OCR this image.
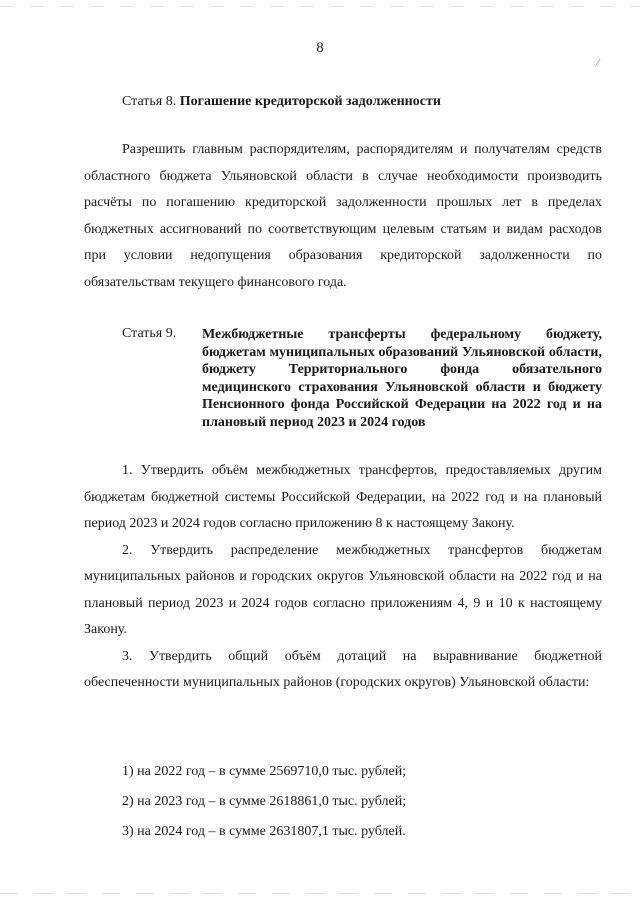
8
⁄
Статья 8. Погашение кредиторской задолженности

Разрешить главным распорядителям, распорядителям и получателям средств областного бюджета Ульяновской области в случае необходимости производить расчёты по погашению кредиторской задолженности прошлых лет в пределах бюджетных ассигнований по соответствующим целевым статьям и видам расходов при условии недопущения образования кредиторской задолженности по обязательствам текущего финансового года.

Статья 9.	Межбюджетные трансферты федеральному бюджету, бюджетам муниципальных образований Ульяновской области, бюджету Территориального фонда обязательного медицинского страхования Ульяновской области и бюджету Пенсионного фонда Российской Федерации на 2022 год и на плановый период 2023 и 2024 годов

1. Утвердить объём межбюджетных трансфертов, предоставляемых другим бюджетам бюджетной системы Российской Федерации, на 2022 год и на плановый период 2023 и 2024 годов согласно приложению 8 к настоящему Закону.

2. Утвердить распределение межбюджетных трансфертов бюджетам муниципальных районов и городских округов Ульяновской области на 2022 год и на плановый период 2023 и 2024 годов согласно приложениям 4, 9 и 10 к настоящему Закону.

3. Утвердить общий объём дотаций на выравнивание бюджетной обеспеченности муниципальных районов (городских округов) Ульяновской области:

1) на 2022 год – в сумме 2569710,0 тыс. рублей;
2) на 2023 год – в сумме 2618861,0 тыс. рублей;
3) на 2024 год – в сумме 2631807,1 тыс. рублей.
